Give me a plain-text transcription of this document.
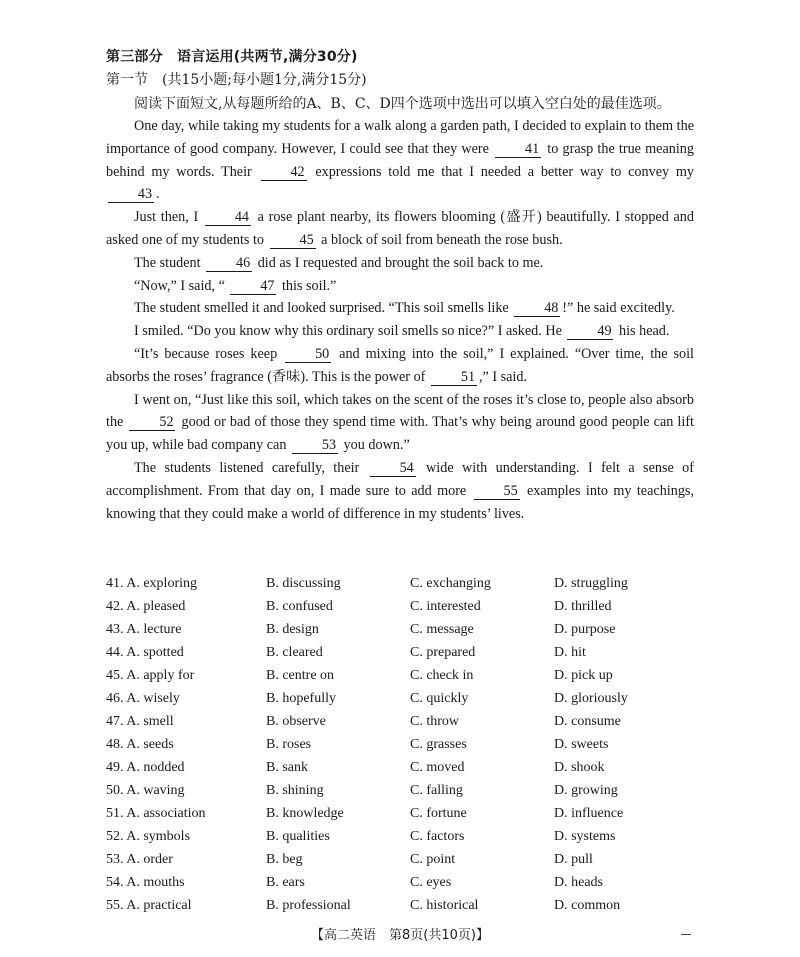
第三部分　语言运用(共两节,满分30分)
第一节　(共15小题;每小题1分,满分15分)
阅读下面短文,从每题所给的A、B、C、D四个选项中选出可以填入空白处的最佳选项。

One day, while taking my students for a walk along a garden path, I decided to explain to them the importance of good company. However, I could see that they were 41 to grasp the true meaning behind my words. Their 42 expressions told me that I needed a better way to convey my 43 .

Just then, I 44 a rose plant nearby, its flowers blooming (盛开) beautifully. I stopped and asked one of my students to 45 a block of soil from beneath the rose bush.

The student 46 did as I requested and brought the soil back to me.

“Now,” I said, “ 47 this soil.”

The student smelled it and looked surprised. “This soil smells like 48 !” he said excitedly.

I smiled. “Do you know why this ordinary soil smells so nice?” I asked. He 49 his head.

“It’s because roses keep 50 and mixing into the soil,” I explained. “Over time, the soil absorbs the roses’ fragrance (香味). This is the power of 51 ,” I said.

I went on, “Just like this soil, which takes on the scent of the roses it’s close to, people also absorb the 52 good or bad of those they spend time with. That’s why being around good people can lift you up, while bad company can 53 you down.”

The students listened carefully, their 54 wide with understanding. I felt a sense of accomplishment. From that day on, I made sure to add more 55 examples into my teachings, knowing that they could make a world of difference in my students’ lives.

41. A. exploring	B. discussing	C. exchanging	D. struggling
42. A. pleased	B. confused	C. interested	D. thrilled
43. A. lecture	B. design	C. message	D. purpose
44. A. spotted	B. cleared	C. prepared	D. hit
45. A. apply for	B. centre on	C. check in	D. pick up
46. A. wisely	B. hopefully	C. quickly	D. gloriously
47. A. smell	B. observe	C. throw	D. consume
48. A. seeds	B. roses	C. grasses	D. sweets
49. A. nodded	B. sank	C. moved	D. shook
50. A. waving	B. shining	C. falling	D. growing
51. A. association	B. knowledge	C. fortune	D. influence
52. A. symbols	B. qualities	C. factors	D. systems
53. A. order	B. beg	C. point	D. pull
54. A. mouths	B. ears	C. eyes	D. heads
55. A. practical	B. professional	C. historical	D. common
【高二英语　第8页(共10页)】
